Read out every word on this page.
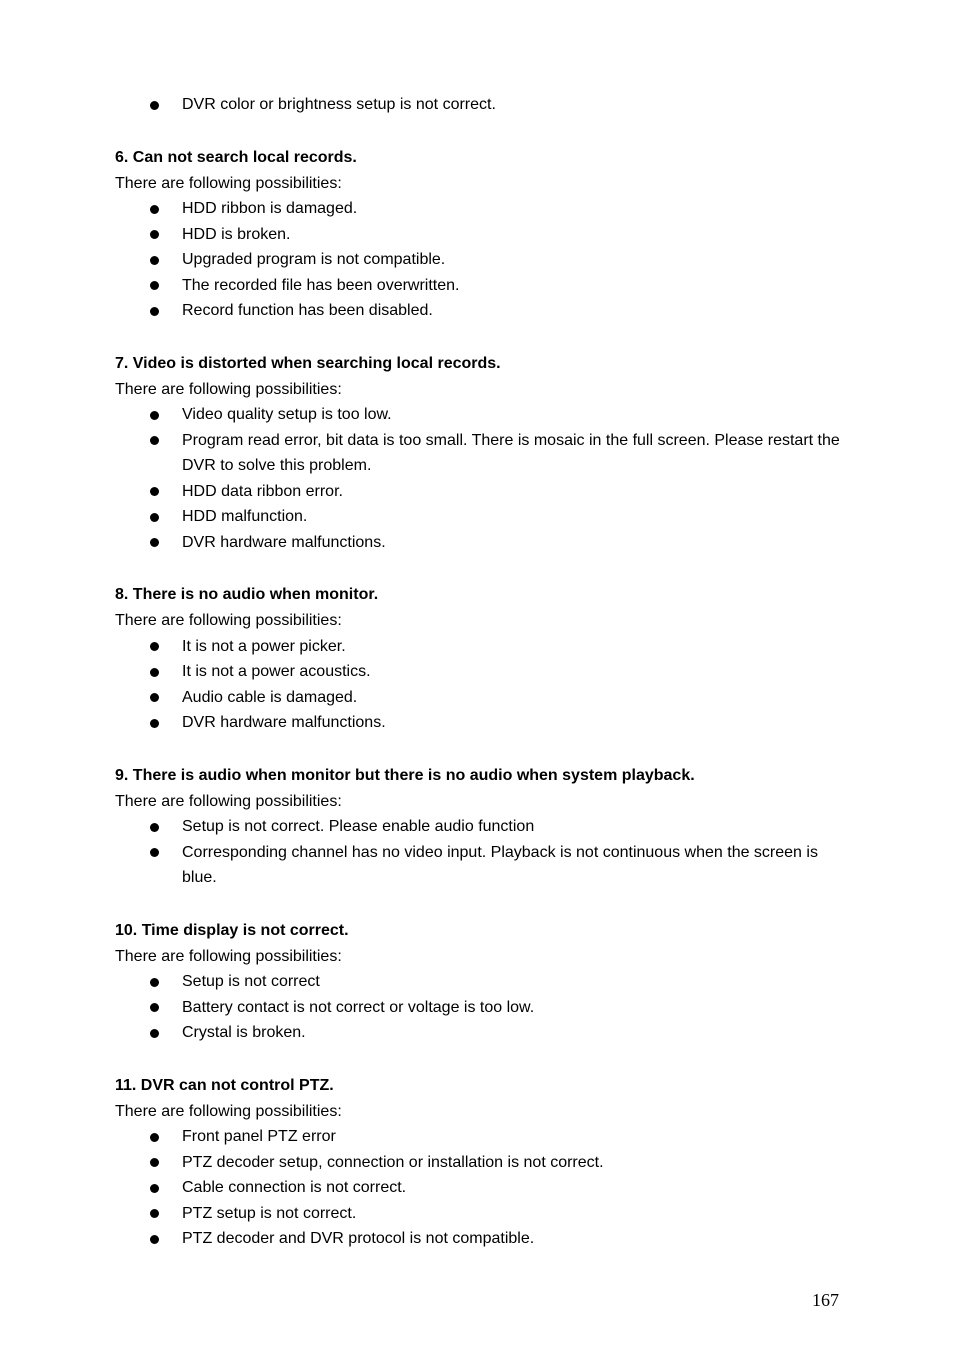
DVR color or brightness setup is not correct.

6. Can not search local records.

There are following possibilities:

HDD ribbon is damaged.
HDD is broken.
Upgraded program is not compatible.
The recorded file has been overwritten.
Record function has been disabled.

7. Video is distorted when searching local records.

There are following possibilities:

Video quality setup is too low.
Program read error, bit data is too small. There is mosaic in the full screen. Please restart the DVR to solve this problem.
HDD data ribbon error.
HDD malfunction.
DVR hardware malfunctions.

8. There is no audio when monitor.

There are following possibilities:

It is not a power picker.
It is not a power acoustics.
Audio cable is damaged.
DVR hardware malfunctions.

9. There is audio when monitor but there is no audio when system playback.

There are following possibilities:

Setup is not correct. Please enable audio function
Corresponding channel has no video input. Playback is not continuous when the screen is blue.

10. Time display is not correct.

There are following possibilities:

Setup is not correct
Battery contact is not correct or voltage is too low.
Crystal is broken.

11. DVR can not control PTZ.

There are following possibilities:

Front panel PTZ error
PTZ decoder setup, connection or installation is not correct.
Cable connection is not correct.
PTZ setup is not correct.
PTZ decoder and DVR protocol is not compatible.
167
